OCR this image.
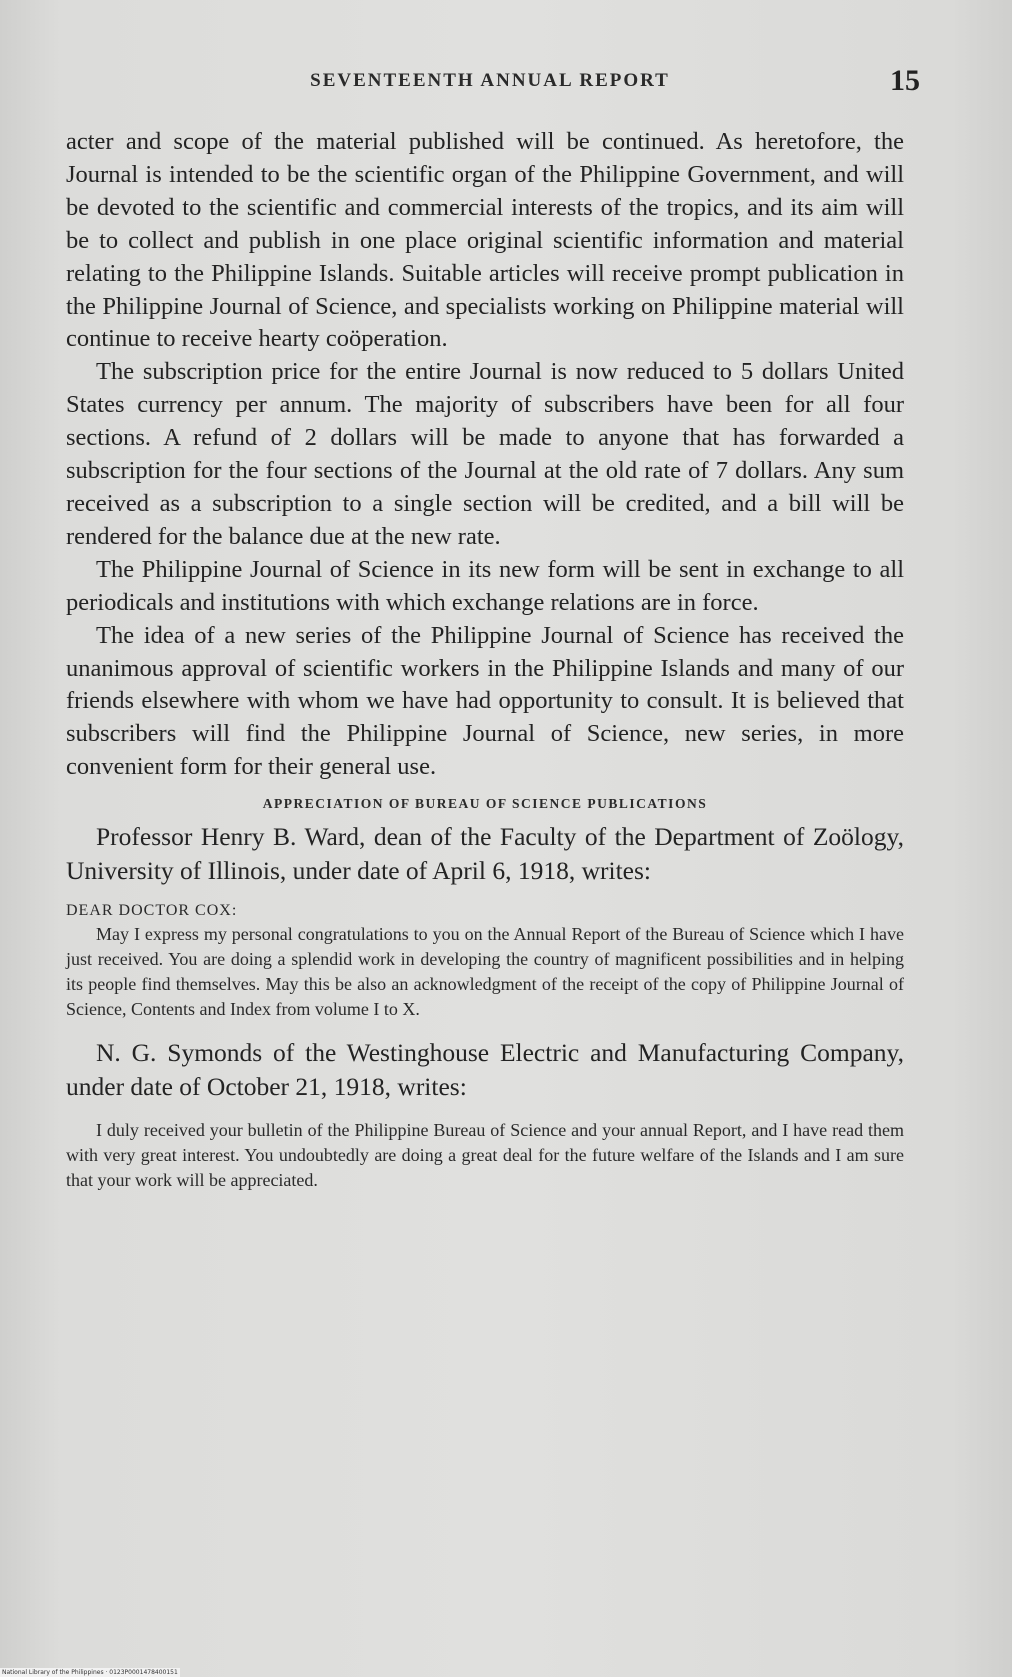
SEVENTEENTH ANNUAL REPORT	15

acter and scope of the material published will be continued. As heretofore, the Journal is intended to be the scientific organ of the Philippine Government, and will be devoted to the scientific and commercial interests of the tropics, and its aim will be to collect and publish in one place original scientific information and material relating to the Philippine Islands. Suitable articles will receive prompt publication in the Philippine Journal of Science, and specialists working on Philippine material will continue to receive hearty coöperation.

The subscription price for the entire Journal is now reduced to 5 dollars United States currency per annum. The majority of subscribers have been for all four sections. A refund of 2 dollars will be made to anyone that has forwarded a subscription for the four sections of the Journal at the old rate of 7 dollars. Any sum received as a subscription to a single section will be credited, and a bill will be rendered for the balance due at the new rate.

The Philippine Journal of Science in its new form will be sent in exchange to all periodicals and institutions with which exchange relations are in force.

The idea of a new series of the Philippine Journal of Science has received the unanimous approval of scientific workers in the Philippine Islands and many of our friends elsewhere with whom we have had opportunity to consult. It is believed that subscribers will find the Philippine Journal of Science, new series, in more convenient form for their general use.

APPRECIATION OF BUREAU OF SCIENCE PUBLICATIONS

Professor Henry B. Ward, dean of the Faculty of the Department of Zoölogy, University of Illinois, under date of April 6, 1918, writes:

DEAR DOCTOR COX:

May I express my personal congratulations to you on the Annual Report of the Bureau of Science which I have just received. You are doing a splendid work in developing the country of magnificent possibilities and in helping its people find themselves. May this be also an acknowledgment of the receipt of the copy of Philippine Journal of Science, Contents and Index from volume I to X.

N. G. Symonds of the Westinghouse Electric and Manufacturing Company, under date of October 21, 1918, writes:

I duly received your bulletin of the Philippine Bureau of Science and your annual Report, and I have read them with very great interest. You undoubtedly are doing a great deal for the future welfare of the Islands and I am sure that your work will be appreciated.

National Library of the Philippines · 0123P0001478400151
